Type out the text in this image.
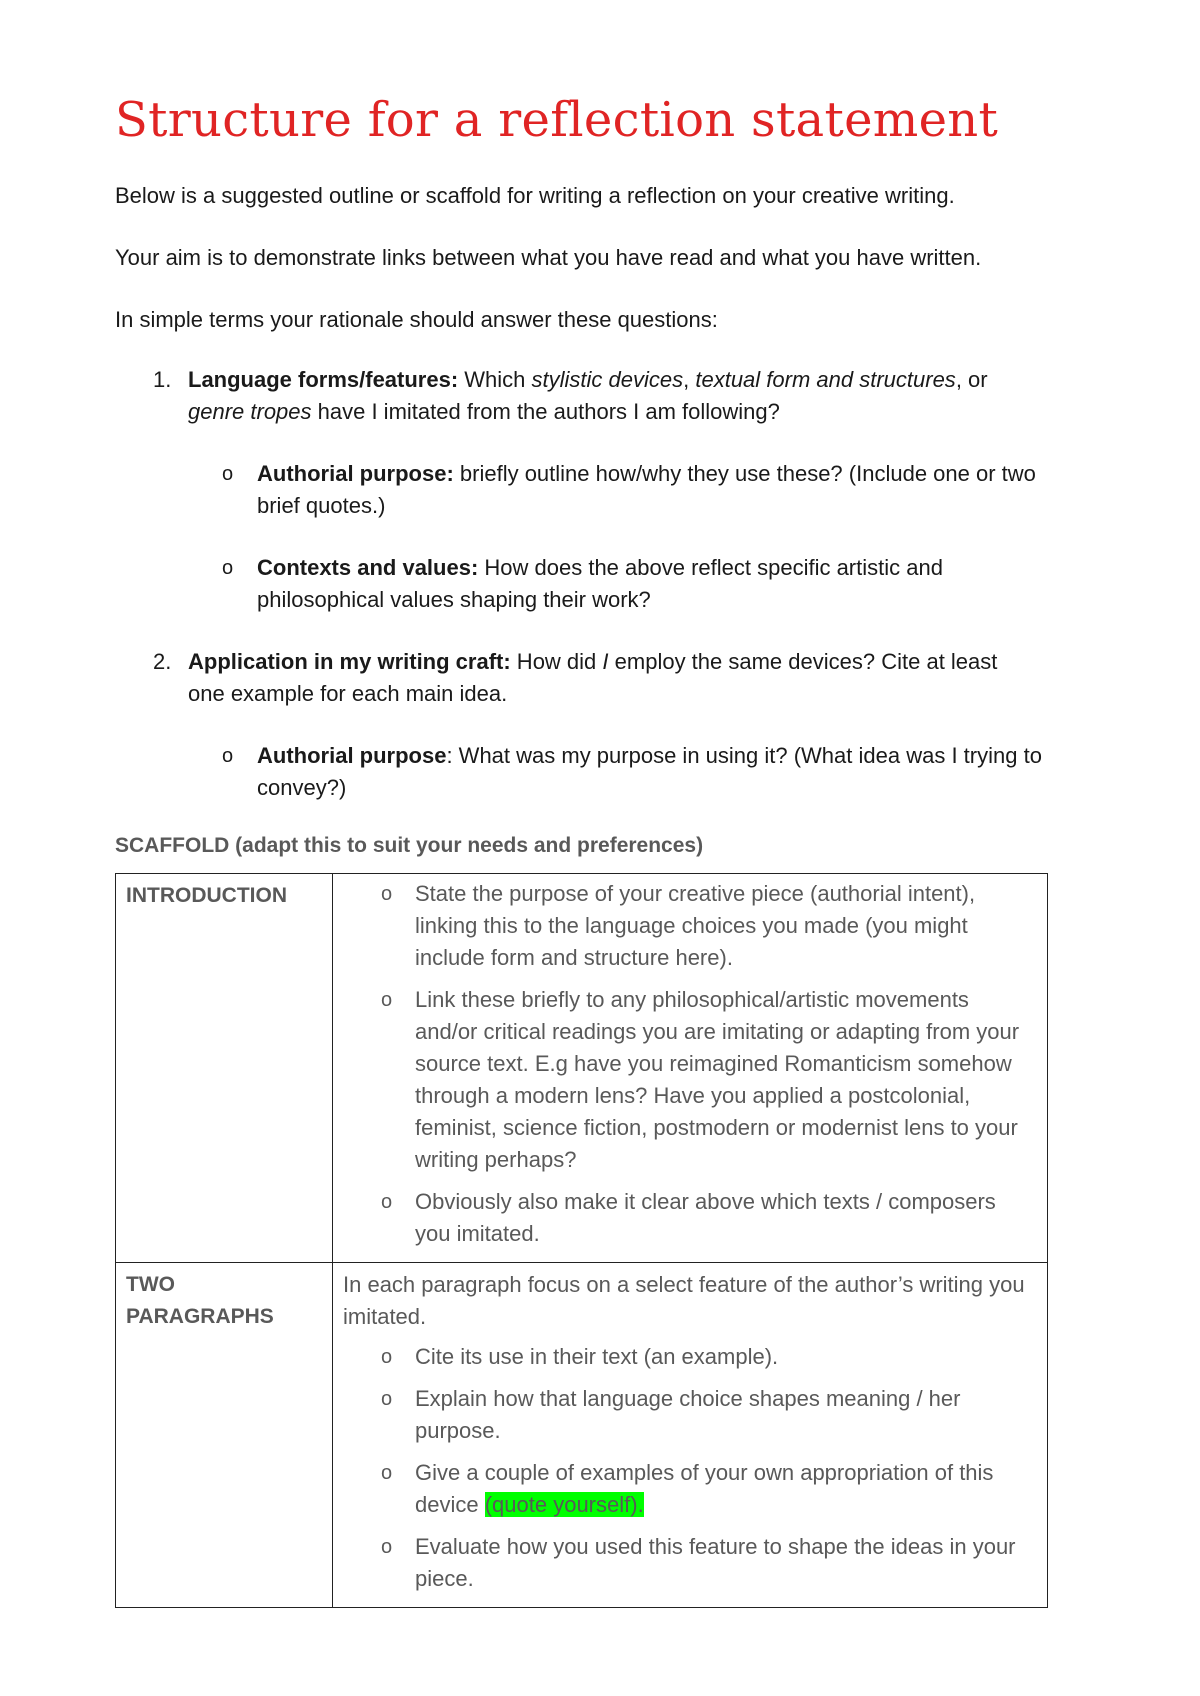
Structure for a reflection statement

Below is a suggested outline or scaffold for writing a reflection on your creative writing.

Your aim is to demonstrate links between what you have read and what you have written.

In simple terms your rationale should answer these questions:

1. Language forms/features: Which stylistic devices, textual form and structures, or genre tropes have I imitated from the authors I am following?
o Authorial purpose: briefly outline how/why they use these? (Include one or two brief quotes.)
o Contexts and values: How does the above reflect specific artistic and philosophical values shaping their work?
2. Application in my writing craft: How did I employ the same devices? Cite at least one example for each main idea.
o Authorial purpose: What was my purpose in using it? (What idea was I trying to convey?)

SCAFFOLD (adapt this to suit your needs and preferences)

INTRODUCTION	o State the purpose of your creative piece (authorial intent), linking this to the language choices you made (you might include form and structure here).
o Link these briefly to any philosophical/artistic movements and/or critical readings you are imitating or adapting from your source text. E.g have you reimagined Romanticism somehow through a modern lens? Have you applied a postcolonial, feminist, science fiction, postmodern or modernist lens to your writing perhaps?
o Obviously also make it clear above which texts / composers you imitated.
TWO PARAGRAPHS

In each paragraph focus on a select feature of the author’s writing you imitated.

o Cite its use in their text (an example).
o Explain how that language choice shapes meaning / her purpose.
o Give a couple of examples of your own appropriation of this device (quote yourself).
o Evaluate how you used this feature to shape the ideas in your piece.
